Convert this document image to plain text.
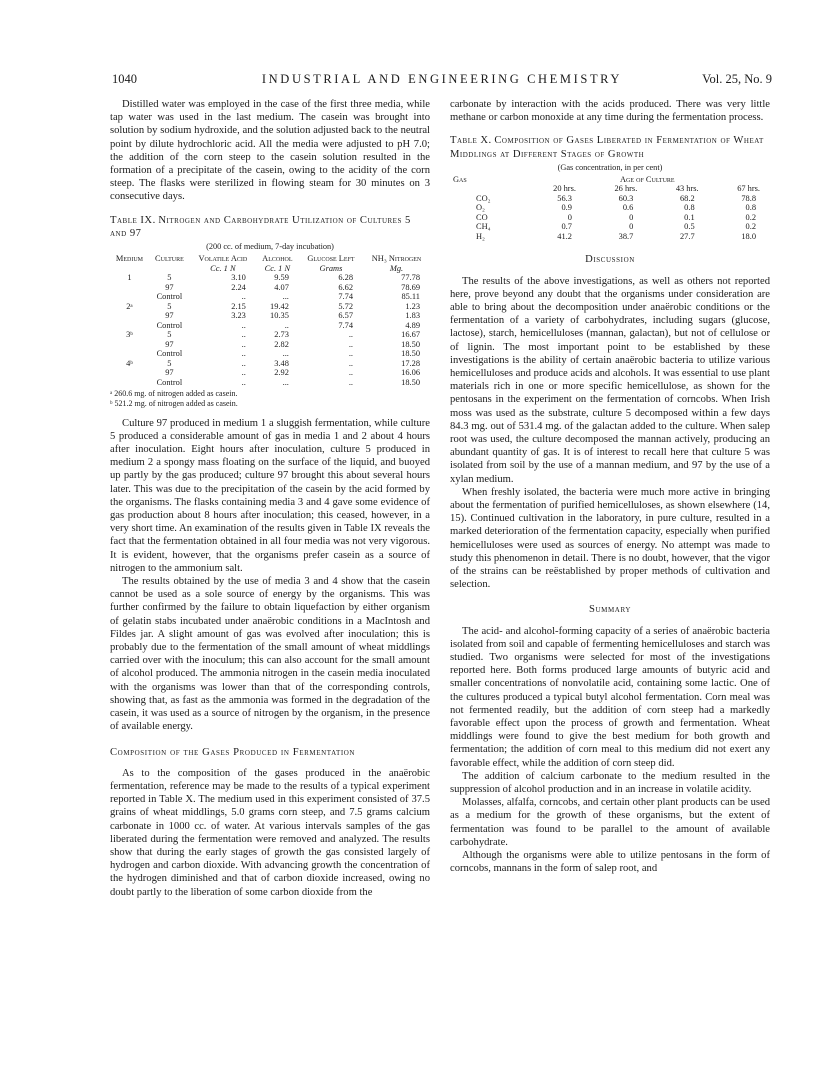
1040	INDUSTRIAL AND ENGINEERING CHEMISTRY	Vol. 25, No. 9

Distilled water was employed in the case of the first three media, while tap water was used in the last medium. The casein was brought into solution by sodium hydroxide, and the solution adjusted back to the neutral point by dilute hydrochloric acid. All the media were adjusted to pH 7.0; the addition of the corn steep to the casein solution resulted in the formation of a precipitate of the casein, owing to the acidity of the corn steep. The flasks were sterilized in flowing steam for 30 minutes on 3 consecutive days.

Table IX. Nitrogen and Carbohydrate Utilization of Cultures 5 and 97

(200 cc. of medium, 7-day incubation)
Medium	Culture	Volatile Acid	Alcohol	Glucose Left	NH₃ Nitrogen
		Cc. 1 N	Cc. 1 N	Grams	Mg.
1	5	3.10	9.59	6.28	77.78
	97	2.24	4.07	6.62	78.69
	Control	..	...	7.74	85.11
2ᵃ	5	2.15	19.42	5.72	1.23
	97	3.23	10.35	6.57	1.83
	Control	..	..	7.74	4.89
3ᵇ	5	..	2.73	..	16.67
	97	..	2.82	..	18.50
	Control	..	...	..	18.50
4ᵇ	5	..	3.48	..	17.28
	97	..	2.92	..	16.06
	Control	..	...	..	18.50
ᵃ 260.6 mg. of nitrogen added as casein.
ᵇ 521.2 mg. of nitrogen added as casein.

Culture 97 produced in medium 1 a sluggish fermentation, while culture 5 produced a considerable amount of gas in media 1 and 2 about 4 hours after inoculation. Eight hours after inoculation, culture 5 produced in medium 2 a spongy mass floating on the surface of the liquid, and buoyed up partly by the gas produced; culture 97 brought this about several hours later. This was due to the precipitation of the casein by the acid formed by the organisms. The flasks containing media 3 and 4 gave some evidence of gas production about 8 hours after inoculation; this ceased, however, in a very short time. An examination of the results given in Table IX reveals the fact that the fermentation obtained in all four media was not very vigorous. It is evident, however, that the organisms prefer casein as a source of nitrogen to the ammonium salt.

The results obtained by the use of media 3 and 4 show that the casein cannot be used as a sole source of energy by the organisms. This was further confirmed by the failure to obtain liquefaction by either organism of gelatin stabs incubated under anaërobic conditions in a MacIntosh and Fildes jar. A slight amount of gas was evolved after inoculation; this is probably due to the fermentation of the small amount of wheat middlings carried over with the inoculum; this can also account for the small amount of alcohol produced. The ammonia nitrogen in the casein media inoculated with the organisms was lower than that of the corresponding controls, showing that, as fast as the ammonia was formed in the degradation of the casein, it was used as a source of nitrogen by the organism, in the presence of available energy.

Composition of the Gases Produced in Fermentation

As to the composition of the gases produced in the anaërobic fermentation, reference may be made to the results of a typical experiment reported in Table X. The medium used in this experiment consisted of 37.5 grains of wheat middlings, 5.0 grams corn steep, and 7.5 grams calcium carbonate in 1000 cc. of water. At various intervals samples of the gas liberated during the fermentation were removed and analyzed. The results show that during the early stages of growth the gas consisted largely of hydrogen and carbon dioxide. With advancing growth the concentration of the hydrogen diminished and that of carbon dioxide increased, owing no doubt partly to the liberation of some carbon dioxide from the

carbonate by interaction with the acids produced. There was very little methane or carbon monoxide at any time during the fermentation process.

Table X. Composition of Gases Liberated in Fermentation of Wheat Middlings at Different Stages of Growth

(Gas concentration, in per cent)
Gas	Age of Culture			
	20 hrs.	26 hrs.	43 hrs.	67 hrs.
CO₂	56.3	60.3	68.2	78.8
O₂	0.9	0.6	0.8	0.8
CO	0	0	0.1	0.2
CH₄	0.7	0	0.5	0.2
H₂	41.2	38.7	27.7	18.0

Discussion

The results of the above investigations, as well as others not reported here, prove beyond any doubt that the organisms under consideration are able to bring about the decomposition under anaërobic conditions or the fermentation of a variety of carbohydrates, including sugars (glucose, lactose), starch, hemicelluloses (mannan, galactan), but not of cellulose or of lignin. The most important point to be established by these investigations is the ability of certain anaërobic bacteria to utilize various hemicelluloses and produce acids and alcohols. It was essential to use plant materials rich in one or more specific hemicellulose, as shown for the pentosans in the experiment on the fermentation of corncobs. When Irish moss was used as the substrate, culture 5 decomposed within a few days 84.3 mg. out of 531.4 mg. of the galactan added to the culture. When salep root was used, the culture decomposed the mannan actively, producing an abundant quantity of gas. It is of interest to recall here that culture 5 was isolated from soil by the use of a mannan medium, and 97 by the use of a xylan medium.

When freshly isolated, the bacteria were much more active in bringing about the fermentation of purified hemicelluloses, as shown elsewhere (14, 15). Continued cultivation in the laboratory, in pure culture, resulted in a marked deterioration of the fermentation capacity, especially when purified hemicelluloses were used as sources of energy. No attempt was made to study this phenomenon in detail. There is no doubt, however, that the vigor of the strains can be reëstablished by proper methods of cultivation and selection.

Summary

The acid- and alcohol-forming capacity of a series of anaërobic bacteria isolated from soil and capable of fermenting hemicelluloses and starch was studied. Two organisms were selected for most of the investigations reported here. Both forms produced large amounts of butyric acid and smaller concentrations of nonvolatile acid, containing some lactic. One of the cultures produced a typical butyl alcohol fermentation. Corn meal was not fermented readily, but the addition of corn steep had a markedly favorable effect upon the process of growth and fermentation. Wheat middlings were found to give the best medium for both growth and fermentation; the addition of corn meal to this medium did not exert any favorable effect, while the addition of corn steep did.

The addition of calcium carbonate to the medium resulted in the suppression of alcohol production and in an increase in volatile acidity.

Molasses, alfalfa, corncobs, and certain other plant products can be used as a medium for the growth of these organisms, but the extent of fermentation was found to be parallel to the amount of available carbohydrate.

Although the organisms were able to utilize pentosans in the form of corncobs, mannans in the form of salep root, and
